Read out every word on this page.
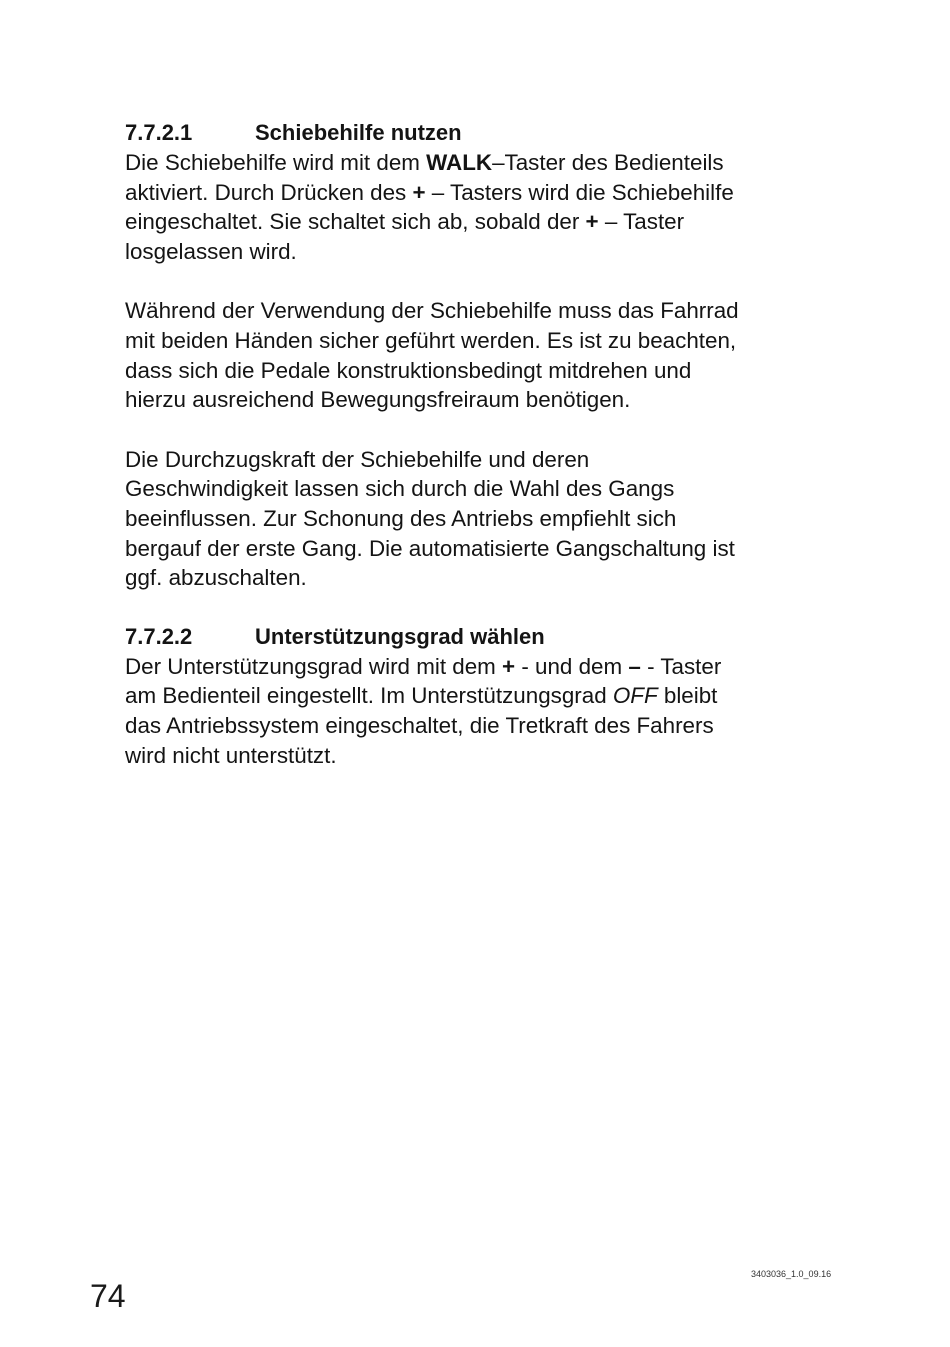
7.7.2.1	Schiebehilfe nutzen

Die Schiebehilfe wird mit dem WALK–Taster des Bedienteils
aktiviert. Durch Drücken des + – Tasters wird die Schiebehilfe
eingeschaltet. Sie schaltet sich ab, sobald der + – Taster
losgelassen wird.

Während der Verwendung der Schiebehilfe muss das Fahrrad
mit beiden Händen sicher geführt werden. Es ist zu beachten,
dass sich die Pedale konstruktionsbedingt mitdrehen und
hierzu ausreichend Bewegungsfreiraum benötigen.

Die Durchzugskraft der Schiebehilfe und deren
Geschwindigkeit lassen sich durch die Wahl des Gangs
beeinflussen. Zur Schonung des Antriebs empfiehlt sich
bergauf der erste Gang. Die automatisierte Gangschaltung ist
ggf. abzuschalten.

7.7.2.2	Unterstützungsgrad wählen

Der Unterstützungsgrad wird mit dem + - und dem – - Taster
am Bedienteil eingestellt. Im Unterstützungsgrad OFF bleibt
das Antriebssystem eingeschaltet, die Tretkraft des Fahrers
wird nicht unterstützt.

74
3403036_1.0_09.16
